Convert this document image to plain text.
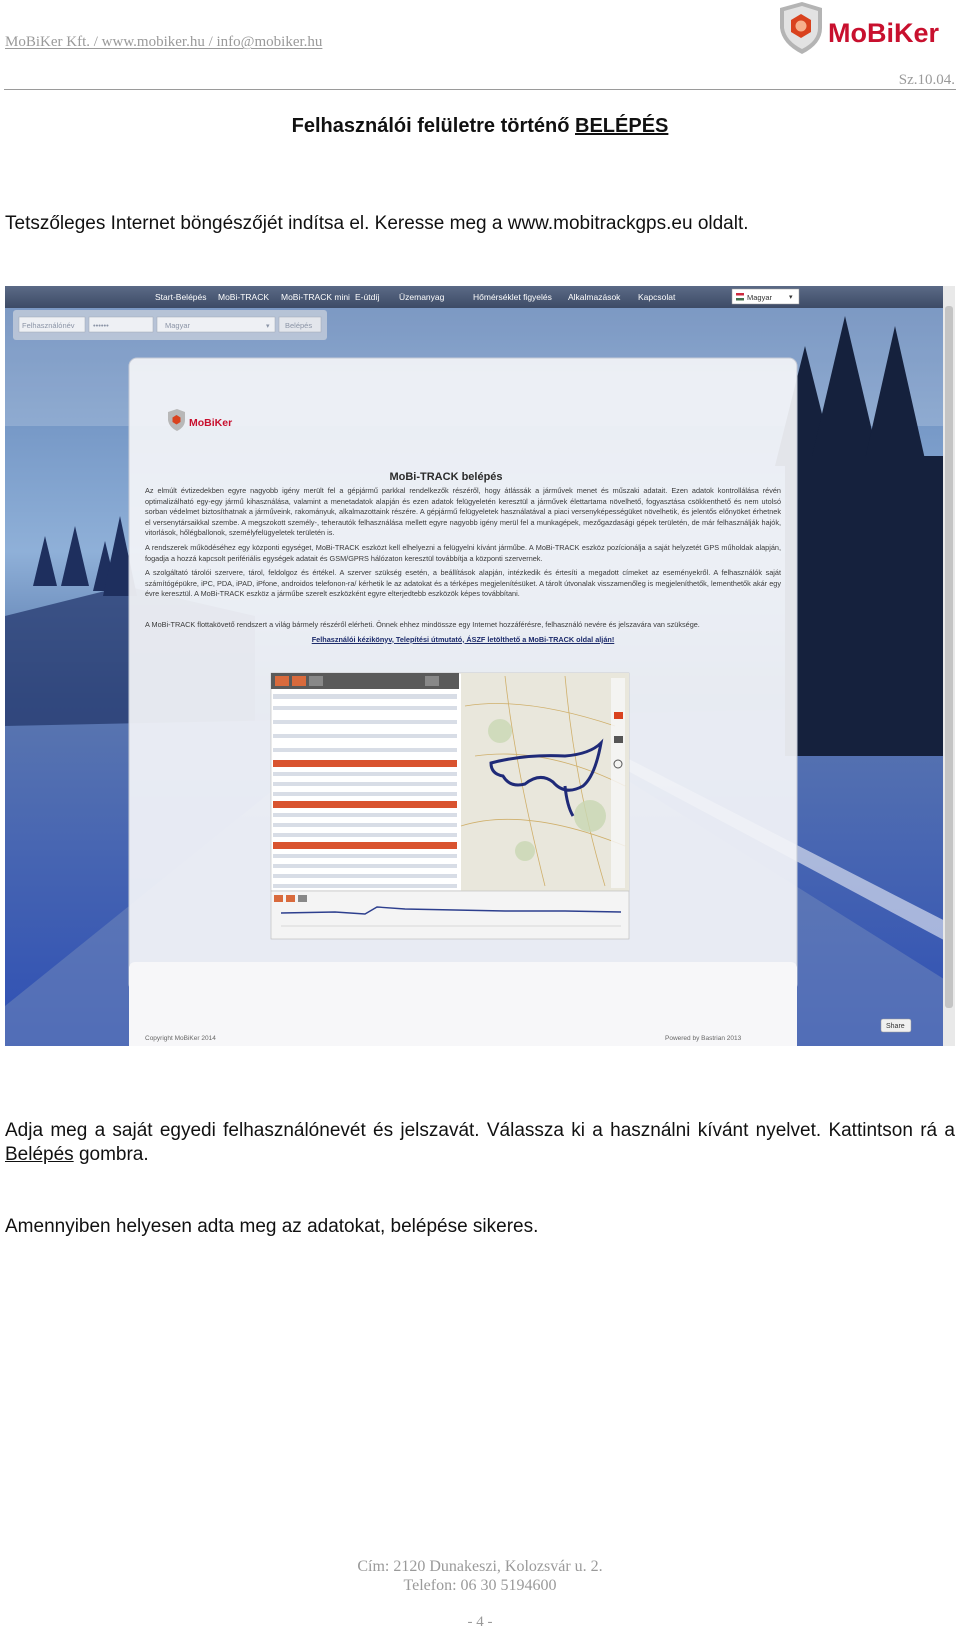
MoBiKer Kft. / www.mobiker.hu / info@mobiker.hu	MoBiKer
Sz.10.04.
Felhasználói felületre történő BELÉPÉS
Tetszőleges Internet böngészőjét indítsa el. Keresse meg a www.mobitrackgps.eu oldalt.
Start-Belépés MoBi-TRACK MoBi-TRACK mini E-útdíj Üzemanyag	Hőmérséklet figyelés Alkalmazások Kapcsolat	Magyar ▾
Felhasználónév ••••••	Magyar	▾ Belépés
MoBiKer
MoBi-TRACK belépés
Az elmúlt évtizedekben egyre nagyobb igény merült fel a gépjármű parkkal rendelkezők részéről, hogy átlássák a járművek menet és műszaki adatait. Ezen adatok kontrollálása révén optimalizálható egy-egy jármű kihasználása, valamint a menetadatok alapján és ezen adatok felügyeletén keresztül a járművek élettartama növelhető, fogyasztása csökkenthető és nem utolsó sorban védelmet biztosíthatnak a járműveink, rakományuk, alkalmazottaink részére. A gépjármű felügyeletek használatával a piaci versenyképességüket növelhetik, és jelentős előnyöket érhetnek el versenytársaikkal szembe. A megszokott személy-, teherautók felhasználása mellett egyre nagyobb igény merül fel a munkagépek, mezőgazdasági gépek területén, de már felhasználják hajók, vitorlások, hőlégballonok, személyfelügyeletek területén is.
A rendszerek működéséhez egy központi egységet, MoBi-TRACK eszközt kell elhelyezni a felügyelni kívánt járműbe. A MoBi-TRACK eszköz pozícionálja a saját helyzetét GPS műholdak alapján, fogadja a hozzá kapcsolt perifériális egységek adatait és GSM/GPRS hálózaton keresztül továbbítja a központi szervernek.
A szolgáltató tárolói szervere, tárol, feldolgoz és értékel. A szerver szükség esetén, a beállítások alapján, intézkedik és értesíti a megadott címeket az eseményekről. A felhasználók saját számítógépükre, iPC, PDA, iPAD, iPfone, androidos telefonon-ra/ kérhetik le az adatokat és a térképes megjelenítésüket. A tárolt útvonalak visszamenőleg is megjeleníthetők, lementhetők akár egy évre keresztül. A MoBi-TRACK eszköz a járműbe szerelt eszközként egyre elterjedtebb eszközök képes továbbítani.
A MoBi-TRACK flottakövető rendszert a világ bármely részéről elérheti. Önnek ehhez mindössze egy Internet hozzáférésre, felhasználó nevére és jelszavára van szüksége.
Felhasználói kézikönyv, Telepítési útmutató, ÁSZF letölthető a MoBi-TRACK oldal alján!
Copyright MoBiKer 2014	Powered by Bastrian 2013
Share
Adja meg a saját egyedi felhasználónevét és jelszavát. Válassza ki a használni kívánt nyelvet. Kattintson rá a Belépés gombra.
Amennyiben helyesen adta meg az adatokat, belépése sikeres.
Cím: 2120 Dunakeszi, Kolozsvár u. 2.
Telefon: 06 30 5194600
- 4 -
